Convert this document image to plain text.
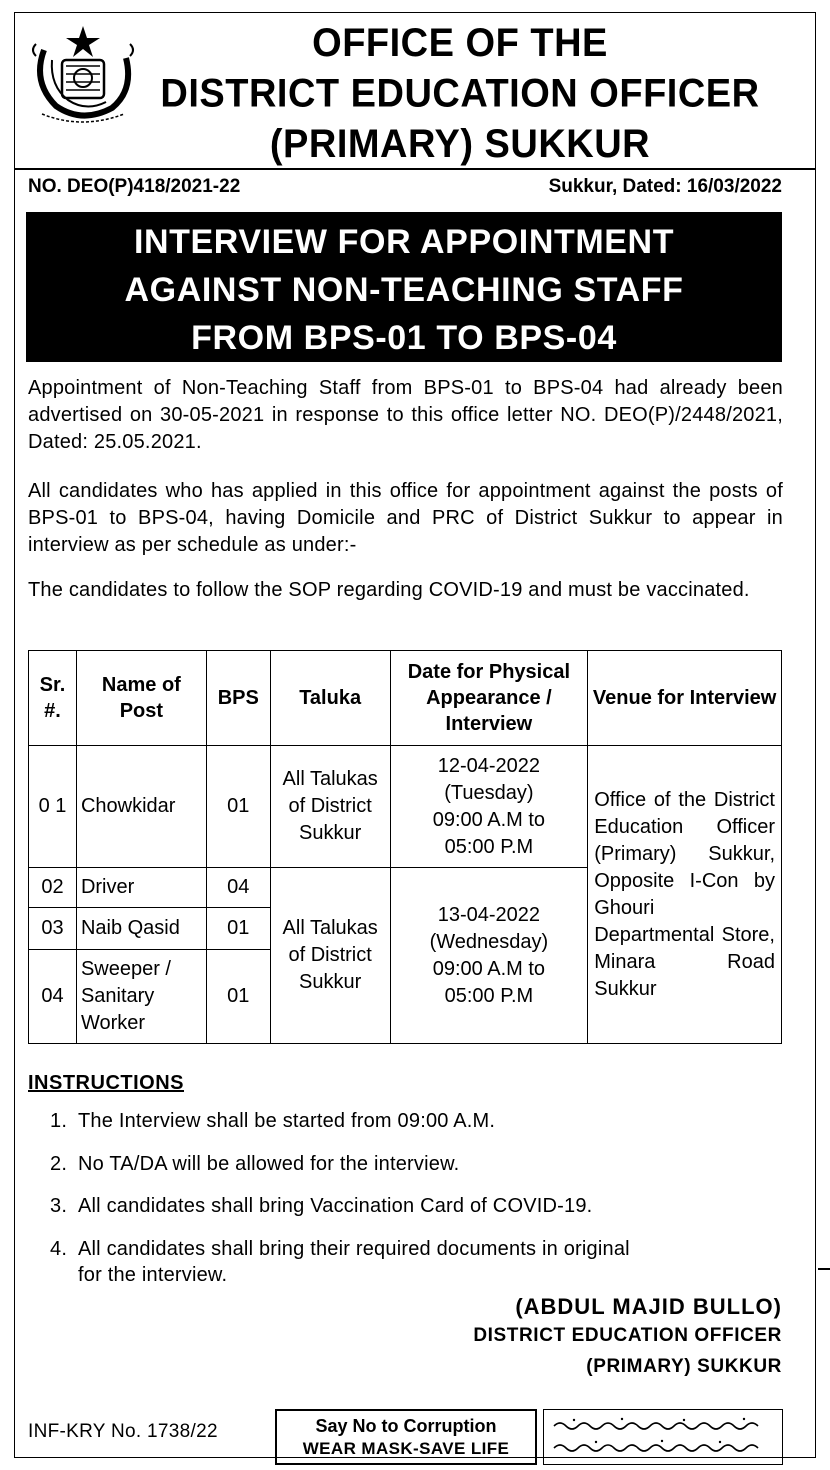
OFFICE OF THE
DISTRICT EDUCATION OFFICER
(PRIMARY) SUKKUR
NO. DEO(P)418/2021-22	Sukkur, Dated: 16/03/2022
INTERVIEW FOR APPOINTMENT
AGAINST NON-TEACHING STAFF
FROM BPS-01 TO BPS-04
Appointment of Non-Teaching Staff from BPS-01 to BPS-04 had already been advertised on 30-05-2021 in response to this office letter NO. DEO(P)/2448/2021, Dated: 25.05.2021.
All candidates who has applied in this office for appointment against the posts of BPS-01 to BPS-04, having Domicile and PRC of District Sukkur to appear in interview as per schedule as under:-
The candidates to follow the SOP regarding COVID-19 and must be vaccinated.
Sr. #.	Name of Post	BPS	Taluka	Date for Physical Appearance / Interview	Venue for Interview
0 1	Chowkidar	01	All Talukas of District Sukkur	12-04-2022
(Tuesday)
09:00 A.M to
05:00 P.M	Office of the District Education Officer (Primary) Sukkur, Opposite I-Con by Ghouri Departmental Store, Minara Road Sukkur
02	Driver	04	All Talukas of District Sukkur	13-04-2022
(Wednesday)
09:00 A.M to
05:00 P.M	

03	Naib Qasid	01			
04	Sweeper / Sanitary Worker	01			
INSTRUCTIONS
1. The Interview shall be started from 09:00 A.M.
2. No TA/DA will be allowed for the interview.
3. All candidates shall bring Vaccination Card of COVID-19.
4. All candidates shall bring their required documents in original
for the interview.
(ABDUL MAJID BULLO)
DISTRICT EDUCATION OFFICER
(PRIMARY) SUKKUR
INF-KRY No. 1738/22	Say No to Corruption
WEAR MASK-SAVE LIFE
